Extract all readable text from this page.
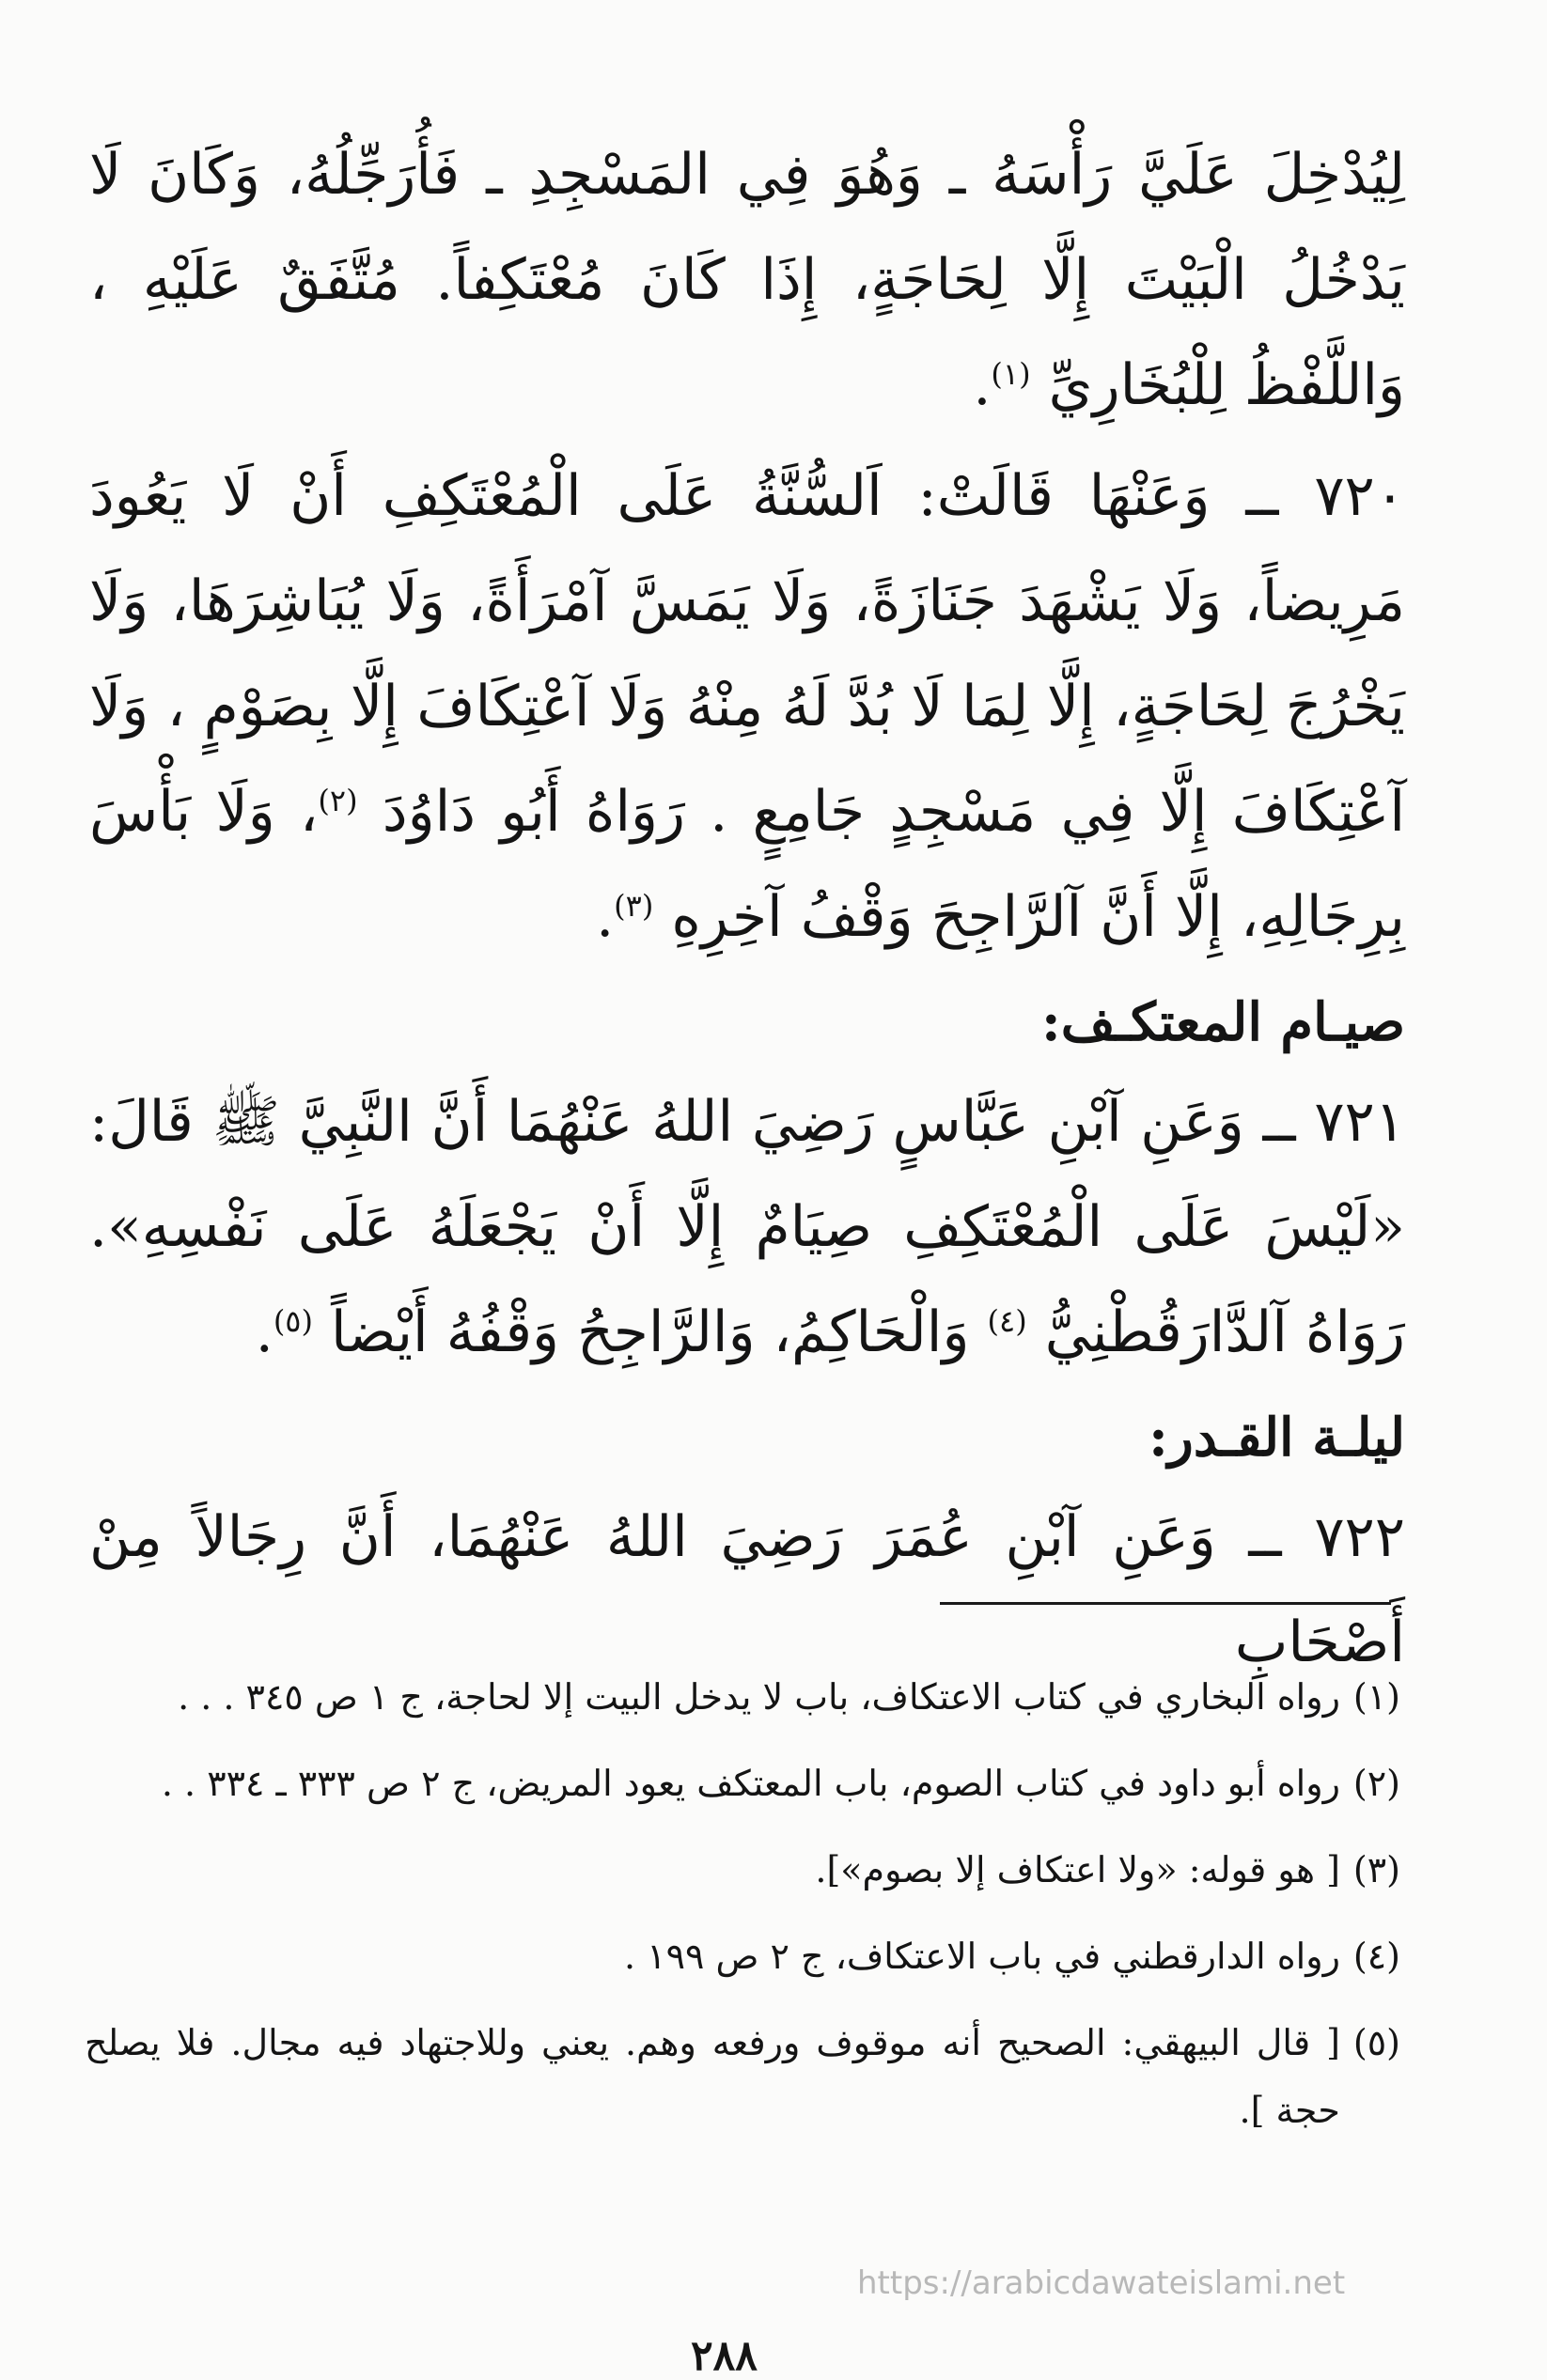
لِيُدْخِلَ عَلَيَّ رَأْسَهُ ـ وَهُوَ فِي المَسْجِدِ ـ فَأُرَجِّلُهُ، وَكَانَ لَا يَدْخُلُ الْبَيْتَ إِلَّا لِحَاجَةٍ، إِذَا كَانَ مُعْتَكِفاً. مُتَّفَقٌ عَلَيْهِ ، وَاللَّفْظُ لِلْبُخَارِيِّ $^{(١)}$.

٧٢٠ ــ وَعَنْهَا قَالَتْ: اَلسُّنَّةُ عَلَى الْمُعْتَكِفِ أَنْ لَا يَعُودَ مَرِيضاً، وَلَا يَشْهَدَ جَنَازَةً، وَلَا يَمَسَّ آمْرَأَةً، وَلَا يُبَاشِرَهَا، وَلَا يَخْرُجَ لِحَاجَةٍ، إِلَّا لِمَا لَا بُدَّ لَهُ مِنْهُ وَلَا آعْتِكَافَ إِلَّا بِصَوْمٍ ، وَلَا آعْتِكَافَ إِلَّا فِي مَسْجِدٍ جَامِعٍ . رَوَاهُ أَبُو دَاوُدَ $^{(٢)}$، وَلَا بَأْسَ بِرِجَالِهِ، إِلَّا أَنَّ آلرَّاجِحَ وَقْفُ آخِرِهِ $^{(٣)}$.

صيـام المعتكـف:

٧٢١ ــ وَعَنِ آبْنِ عَبَّاسٍ رَضِيَ اللهُ عَنْهُمَا أَنَّ النَّبِيَّ ﷺ قَالَ: «لَيْسَ عَلَى الْمُعْتَكِفِ صِيَامٌ إِلَّا أَنْ يَجْعَلَهُ عَلَى نَفْسِهِ». رَوَاهُ آلدَّارَقُطْنِيُّ $^{(٤)}$ وَالْحَاكِمُ، وَالرَّاجِحُ وَقْفُهُ أَيْضاً $^{(٥)}$.

ليلـة القـدر:

٧٢٢ ــ وَعَنِ آبْنِ عُمَرَ رَضِيَ اللهُ عَنْهُمَا، أَنَّ رِجَالاً مِنْ أَصْحَابِ

(١)
رواه البخاري في كتاب الاعتكاف، باب لا يدخل البيت إلا لحاجة، ج ١ ص ٣٤٥ . . .
(٢)
رواه أبو داود في كتاب الصوم، باب المعتكف يعود المريض، ج ٢ ص ٣٣٣ ـ ٣٣٤ . .
(٣)
[ هو قوله: «ولا اعتكاف إلا بصوم»].
(٤)
رواه الدارقطني في باب الاعتكاف، ج ٢ ص ١٩٩ .
(٥)
[ قال البيهقي: الصحيح أنه موقوف ورفعه وهم. يعني وللاجتهاد فيه مجال. فلا يصلح حجة ].
https://arabicdawateislami.net
٢٨٨
